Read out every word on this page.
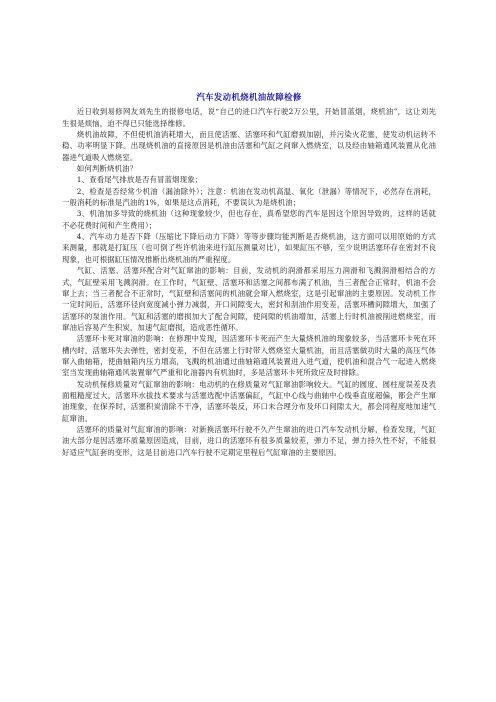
汽车发动机烧机油故障检修

近日收到易修网友刘先生的报修电话，说“自己的进口汽车行驶2万公里，开始冒蓝烟，烧机油”，这让刘先生很是烦恼，迫不得已只能选择维修。

烧机油故障，不但使机油消耗增大，而且使活塞、活塞环和气缸磨损加剧，并污染火花塞，使发动机运转不稳、功率明显下降。出现烧机油的直接原因是机油由活塞和气缸之间窜入燃烧室，以及经由轴箱通风装置从化油器进气道吸入燃烧室。

如何判断烧机油？

1、查看尾气排放是否有冒蓝烟现象；

2、检查是否经常少机油（漏油除外）；注意：机油在发动机高温、氧化（泄漏）等情况下，必然存在消耗，一般消耗的标准是汽油的1%，如果是这点消耗，不要误认为是烧机油；

3、机油加多导致的烧机油（这种现象较少，但也存在，真希望您的汽车是因这个原因导致的，这样的话就不必花费时间和产生费用）；

4、汽车动力是否下降（压缩比下降后动力下降）等等步骤均能判断是否烧机油，这方面可以用原始的方式来测量，那就是打缸压（也可倒了些许机油来进行缸压测量对比），如果缸压不够，至少说明活塞环存在密封不良现象，也可根据缸压情况推断出烧机油的严重程度。

气缸、活塞、活塞环配合对气缸窜油的影响：目前，发动机的润滑都采用压力润滑和飞溅润滑相结合的方式，气缸壁采用飞溅润滑。在工作时，气缸壁、活塞环和活塞之间都布满了机油，当三者配合正常时，机油不会窜上去；当三者配合不正常时，气缸壁和活塞间的机油就会窜入燃烧室，这是引起窜油的主要原因。发动机工作一定时间后，活塞环径向宽度减小弹力减弱，开口间隙变大，密封和刮油作用变差，活塞环槽间隙增大，加强了活塞环的泵油作用。气缸和活塞的磨损加大了配合间隙，使间隙的机油增加，活塞上行时机油被削进燃烧室，而窜油后容易产生积炭，加速气缸磨损，造成恶性循环。

活塞环卡死对窜油的影响：在修理中发现，因活塞环卡死而产生大量烧机油的现象较多，当活塞环卡死在环槽内时，活塞环失去弹性，密封变差，不但在活塞上行时带入燃烧室大量机油，而且活塞做功时大量的高压气体窜入曲轴箱，使曲轴箱内压力增高，飞溅的机油通过曲轴箱通风装置进入进气道，使机油和混合气一起进入燃烧室当发现曲轴箱通风装置窜气严重和化油器内有机油时，多是活塞环卡死所致应及时排除。

发动机保修质量对气缸窜油的影响：电动机的在修质量对气缸窜油影响较大。气缸的圆度、圆柱度误差及表面粗糙度过大，活塞环水拔技术要求与活塞选配中活塞偏缸，气缸中心线与曲轴中心线垂直度超偏，都会产生窜油现象，在保养时，活塞积炭清除不干净，活塞环装反，环口未合理分布及环口间隙太大，都会同程度地加速气缸窜油。

活塞环的质量对气缸窜油的影响：对新换活塞环行驶不久产生窜油的进口汽车发动机分解，检查发现，气缸油大部分是因活塞环质量原因造成，目前，进口的活塞环有很多质量较差，弹力不足，弹力持久性不好，不能很好适应气缸套的变形，这是目前进口汽车行驶不定期定里程后气缸窜油的主要原因。
